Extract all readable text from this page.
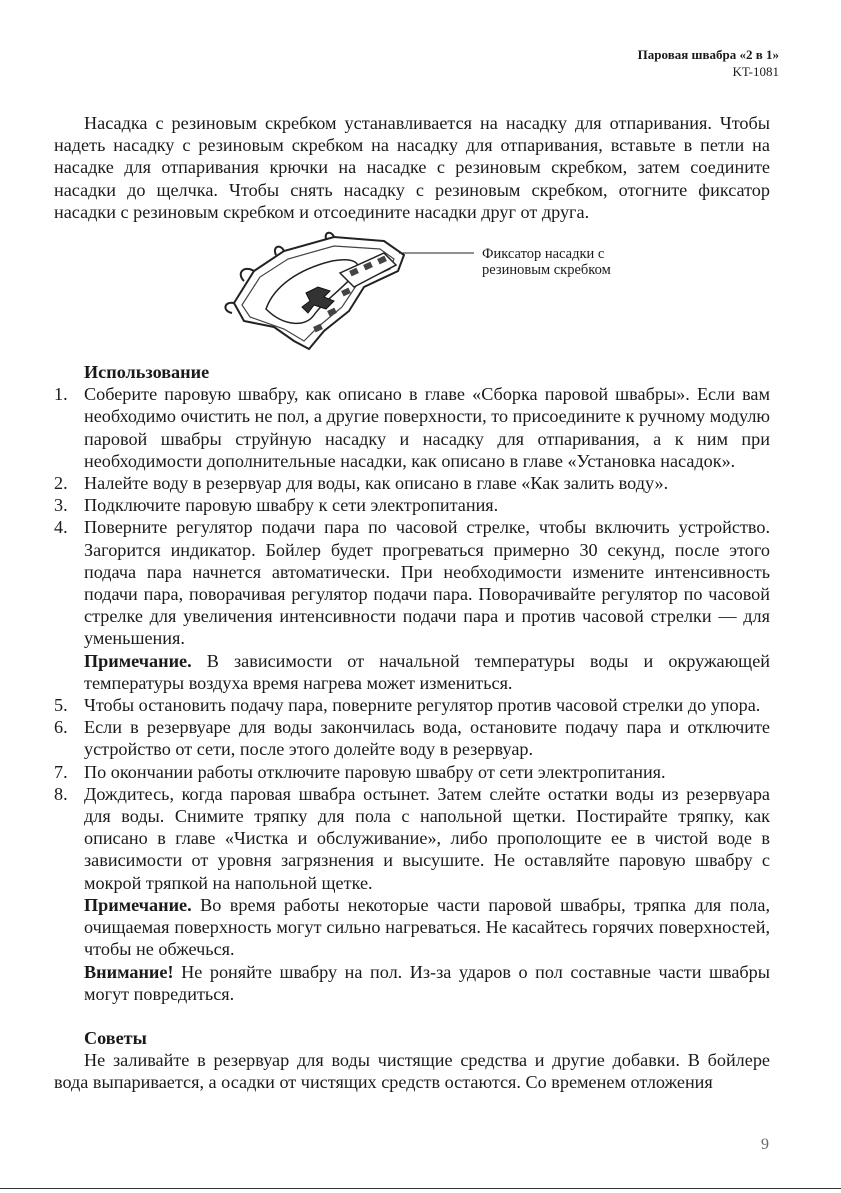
Паровая швабра «2 в 1»
KT-1081

Насадка с резиновым скребком устанавливается на насадку для отпаривания. Чтобы надеть насадку с резиновым скребком на насадку для отпаривания, вставьте в петли на насадке для отпаривания крючки на насадке с резиновым скребком, затем соедините насадки до щелчка. Чтобы снять насадку с резиновым скребком, отогните фиксатор насадки с резиновым скребком и отсоедините насадки друг от друга.

Фиксатор насадки с
резиновым скребком
Использование
1. Соберите паровую швабру, как описано в главе «Сборка паровой швабры». Если вам необходимо очистить не пол, а другие поверхности, то присоедините к ручному модулю паровой швабры струйную насадку и насадку для отпаривания, а к ним при необходимости дополнительные насадки, как описано в главе «Установка насадок».
2. Налейте воду в резервуар для воды, как описано в главе «Как залить воду».
3. Подключите паровую швабру к сети электропитания.
4. Поверните регулятор подачи пара по часовой стрелке, чтобы включить устройство. Загорится индикатор. Бойлер будет прогреваться примерно 30 секунд, после этого подача пара начнется автоматически. При необходимости измените интенсивность подачи пара, поворачивая регулятор подачи пара. Поворачивайте регулятор по часовой стрелке для увеличения интенсивности подачи пара и против часовой стрелки — для уменьшения.
Примечание. В зависимости от начальной температуры воды и окружающей температуры воздуха время нагрева может измениться.
5. Чтобы остановить подачу пара, поверните регулятор против часовой стрелки до упора.
6. Если в резервуаре для воды закончилась вода, остановите подачу пара и отключите устройство от сети, после этого долейте воду в резервуар.
7. По окончании работы отключите паровую швабру от сети электропитания.
8. Дождитесь, когда паровая швабра остынет. Затем слейте остатки воды из резервуара для воды. Снимите тряпку для пола с напольной щетки. Постирайте тряпку, как описано в главе «Чистка и обслуживание», либо прополощите ее в чистой воде в зависимости от уровня загрязнения и высушите. Не оставляйте паровую швабру с мокрой тряпкой на напольной щетке.
Примечание. Во время работы некоторые части паровой швабры, тряпка для пола, очищаемая поверхность могут сильно нагреваться. Не касайтесь горячих поверхностей, чтобы не обжечься.
Внимание! Не роняйте швабру на пол. Из-за ударов о пол составные части швабры могут повредиться.
Советы

Не заливайте в резервуар для воды чистящие средства и другие добавки. В бойлере вода выпаривается, а осадки от чистящих средств остаются. Со временем отложения

9
